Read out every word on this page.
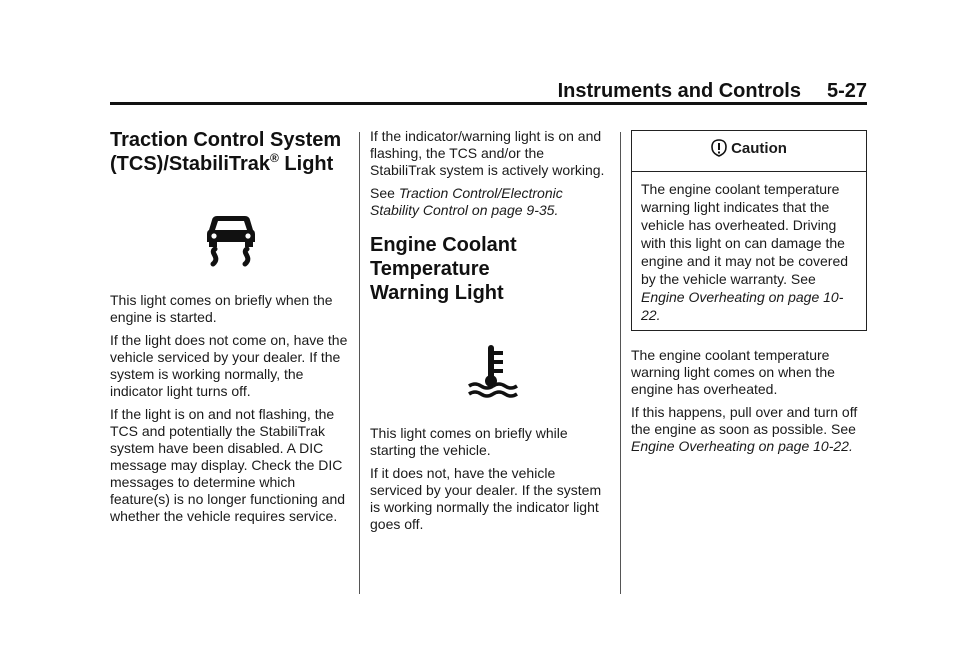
Instruments and Controls 5-27
Traction Control System
(TCS)/StabiliTrak® Light

This light comes on briefly when the engine is started.

If the light does not come on, have the vehicle serviced by your dealer. If the system is working normally, the indicator light turns off.

If the light is on and not flashing, the TCS and potentially the StabiliTrak system have been disabled. A DIC message may display. Check the DIC messages to determine which feature(s) is no longer functioning and whether the vehicle requires service.

If the indicator/warning light is on and flashing, the TCS and/or the StabiliTrak system is actively working.

See Traction Control/Electronic Stability Control on page 9-35.

Engine Coolant Temperature Warning Light

This light comes on briefly while starting the vehicle.

If it does not, have the vehicle serviced by your dealer. If the system is working normally the indicator light goes off.

Caution

The engine coolant temperature warning light indicates that the vehicle has overheated. Driving with this light on can damage the engine and it may not be covered by the vehicle warranty. See Engine Overheating on page 10-22.

The engine coolant temperature warning light comes on when the engine has overheated.

If this happens, pull over and turn off the engine as soon as possible. See Engine Overheating on page 10-22.
